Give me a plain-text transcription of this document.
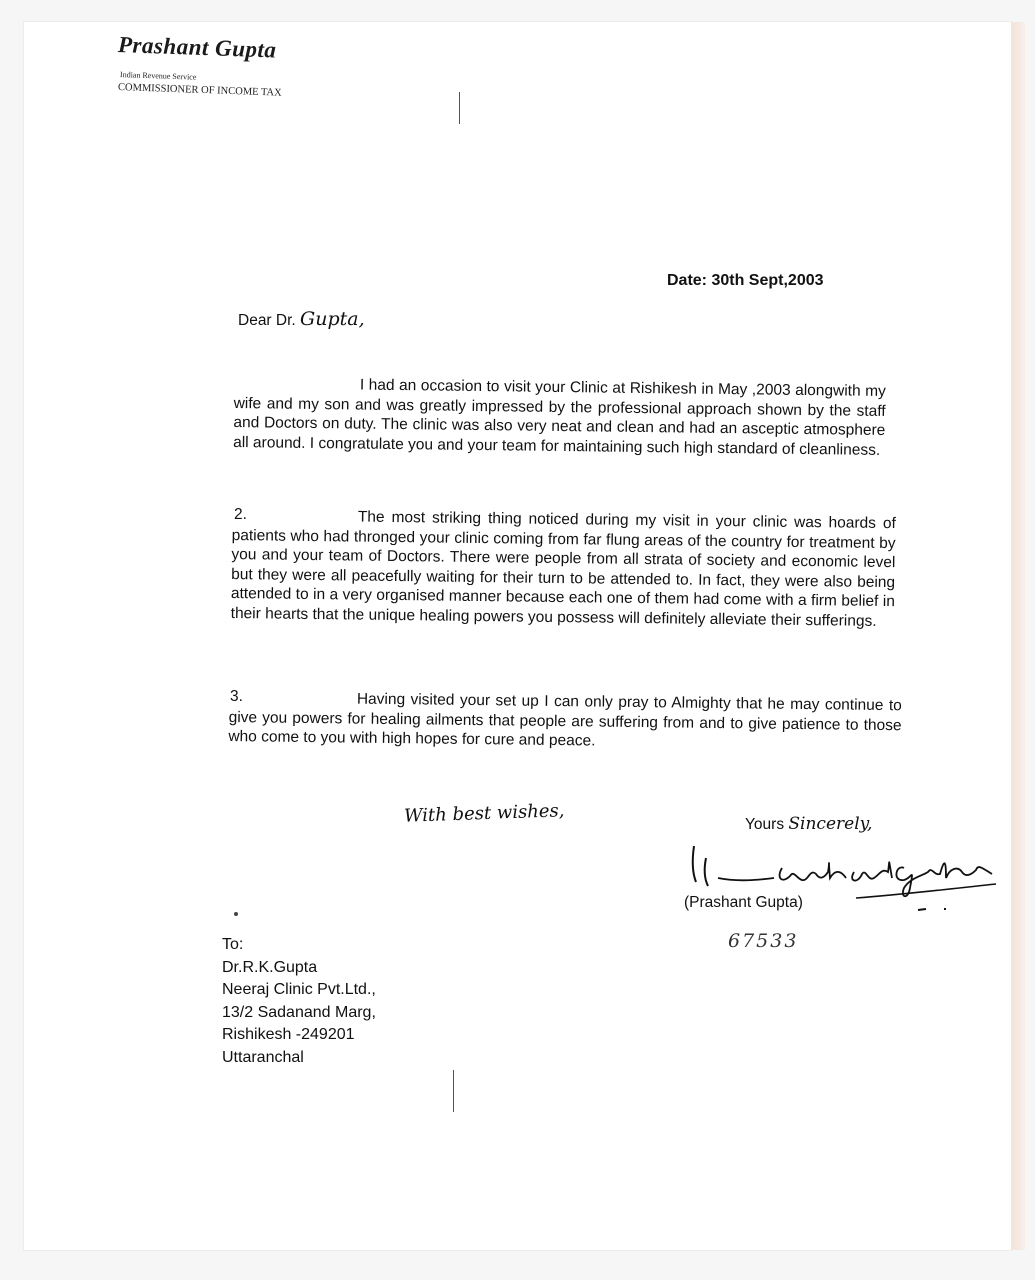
Prashant Gupta
Indian Revenue Service
COMMISSIONER OF INCOME TAX
Date: 30th Sept,2003
Dear Dr. Gupta,
I had an occasion to visit your Clinic at Rishikesh in May ,2003 alongwith my wife and my son and was greatly impressed by the professional approach shown by the staff and Doctors on duty. The clinic was also very neat and clean and had an asceptic atmosphere all around. I congratulate you and your team for maintaining such high standard of cleanliness.
The most striking thing noticed during my visit in your clinic was hoards of patients who had thronged your clinic coming from far flung areas of the country for treatment by you and your team of Doctors. There were people from all strata of society and economic level but they were all peacefully waiting for their turn to be attended to. In fact, they were also being attended to in a very organised manner because each one of them had come with a firm belief in their hearts that the unique healing powers you possess will definitely alleviate their sufferings.
2.
Having visited your set up I can only pray to Almighty that he may continue to give you powers for healing ailments that people are suffering from and to give patience to those who come to you with high hopes for cure and peace.
3.
With best wishes,	Yours Sincerely,
(Prashant Gupta)
67533
To:
Dr.R.K.Gupta
Neeraj Clinic Pvt.Ltd.,
13/2 Sadanand Marg,
Rishikesh -249201
Uttaranchal
